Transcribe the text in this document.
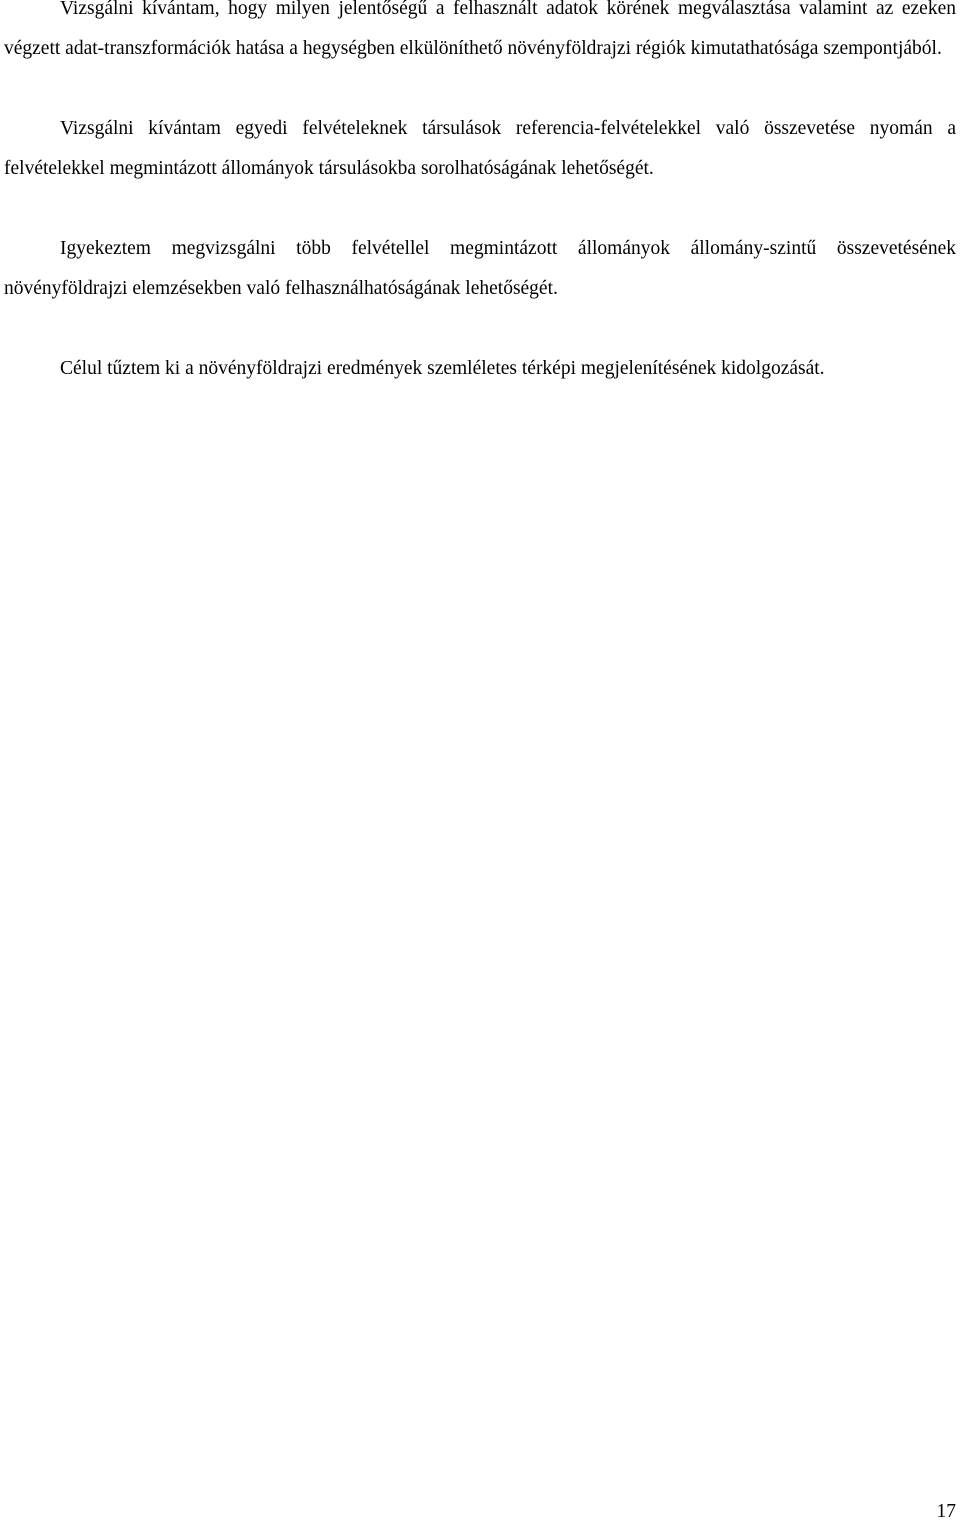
Vizsgálni kívántam, hogy milyen jelentőségű a felhasznált adatok körének megválasztása valamint az ezeken végzett adat-transzformációk hatása a hegységben elkülöníthető növényföldrajzi régiók kimutathatósága szempontjából.

Vizsgálni kívántam egyedi felvételeknek társulások referencia-felvételekkel való összevetése nyomán a felvételekkel megmintázott állományok társulásokba sorolhatóságának lehetőségét.

Igyekeztem megvizsgálni több felvétellel megmintázott állományok állomány-szintű összevetésének növényföldrajzi elemzésekben való felhasználhatóságának lehetőségét.

Célul tűztem ki a növényföldrajzi eredmények szemléletes térképi megjelenítésének kidolgozását.

17
